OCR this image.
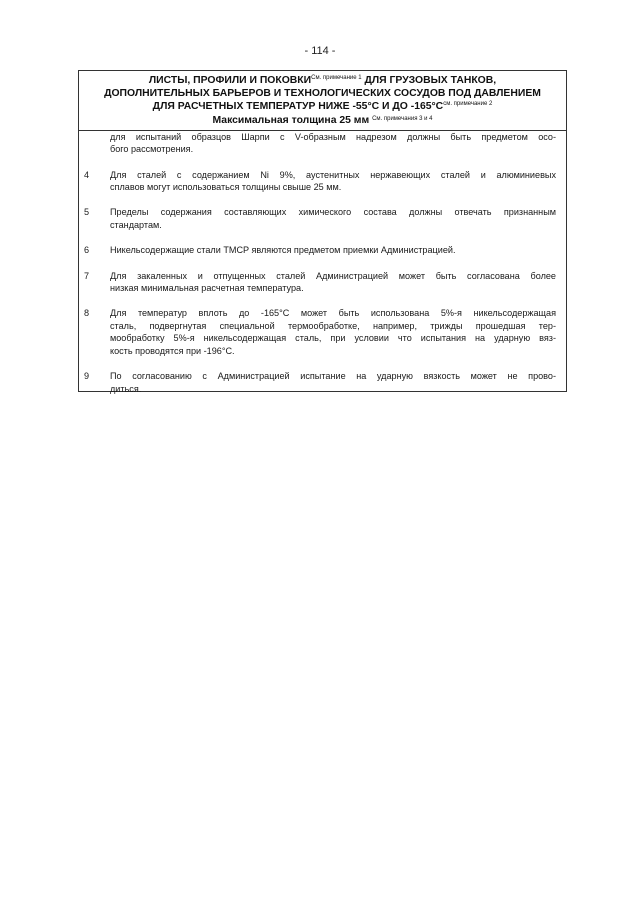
- 114 -
ЛИСТЫ, ПРОФИЛИ И $ПОКОВКИ^{См. примечание 1}$ ДЛЯ ГРУЗОВЫХ ТАНКОВ,
ДОПОЛНИТЕЛЬНЫХ БАРЬЕРОВ И ТЕХНОЛОГИЧЕСКИХ СОСУДОВ ПОД ДАВЛЕНИЕМ
ДЛЯ РАСЧЕТНЫХ ТЕМПЕРАТУР НИЖЕ -55°C И ДО $-165^\circ C^{см. примечание 2}$
Максимальная толщина 25 мм $^{См. примечания 3 и 4}$
для испытаний образцов Шарпи с V-образным надрезом должны быть предметом осо-
бого рассмотрения.
4 Для сталей с содержанием Ni 9%, аустенитных нержавеющих сталей и алюминиевых
сплавов могут использоваться толщины свыше 25 мм.
5 Пределы содержания составляющих химического состава должны отвечать признанным
стандартам.
6 Никельсодержащие стали TMCP являются предметом приемки Администрацией.
7 Для закаленных и отпущенных сталей Администрацией может быть согласована более
низкая минимальная расчетная температура.
8 Для температур вплоть до -165°C может быть использована 5%-я никельсодержащая
сталь, подвергнутая специальной термообработке, например, трижды прошедшая тер-
мообработку 5%-я никельсодержащая сталь, при условии что испытания на ударную вяз-
кость проводятся при -196°C.
9 По согласованию с Администрацией испытание на ударную вязкость может не прово-
диться.
